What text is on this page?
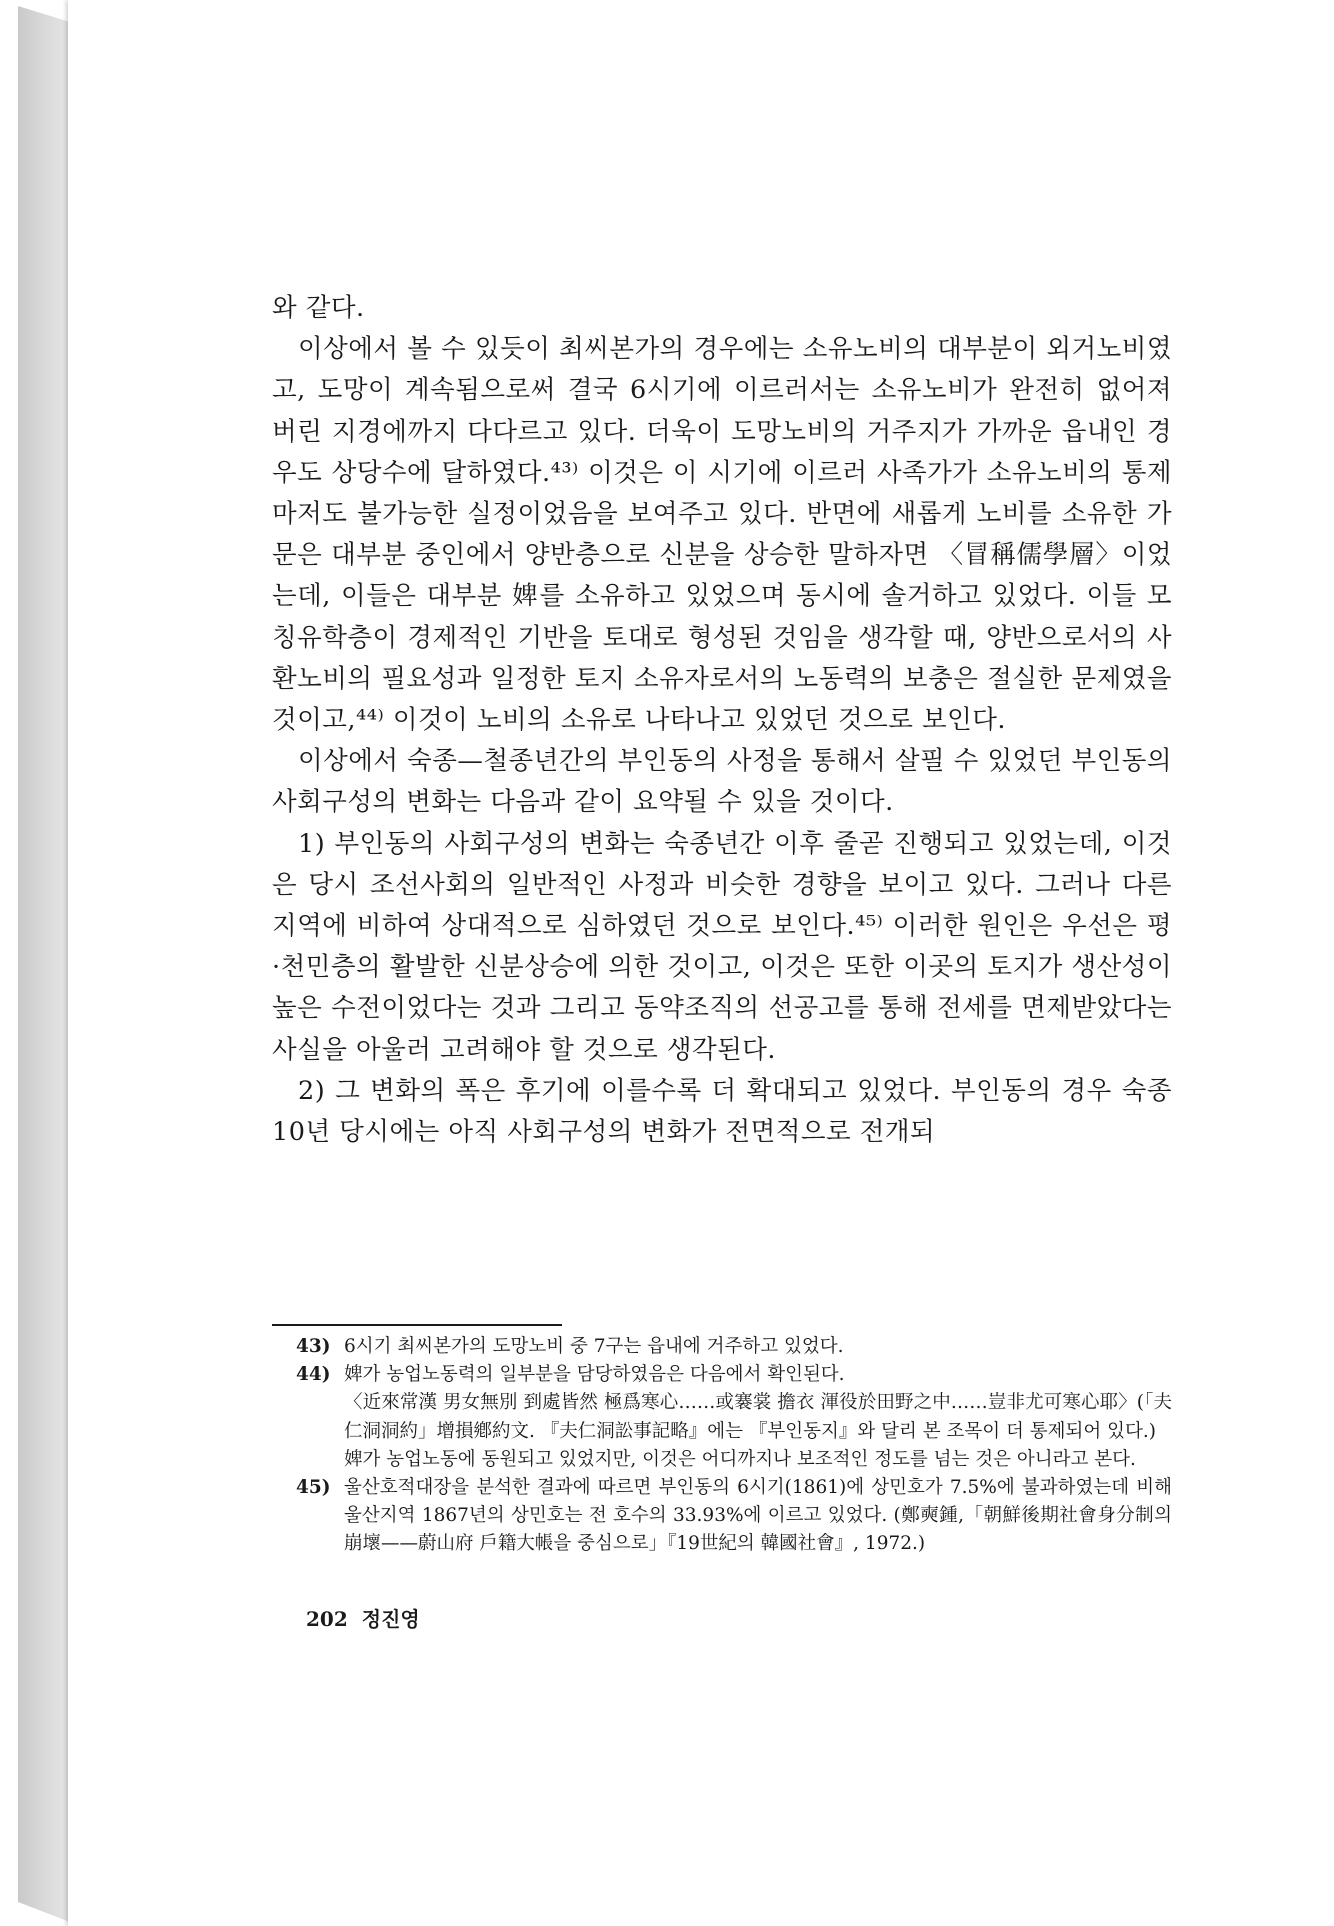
와 같다.

이상에서 볼 수 있듯이 최씨본가의 경우에는 소유노비의 대부분이 외거노비였고, 도망이 계속됨으로써 결국 6시기에 이르러서는 소유노비가 완전히 없어져 버린 지경에까지 다다르고 있다. 더욱이 도망노비의 거주지가 가까운 읍내인 경우도 상당수에 달하였다.⁴³⁾ 이것은 이 시기에 이르러 사족가가 소유노비의 통제마저도 불가능한 실정이었음을 보여주고 있다. 반면에 새롭게 노비를 소유한 가문은 대부분 중인에서 양반층으로 신분을 상승한 말하자면 〈冒稱儒學層〉이었는데, 이들은 대부분 婢를 소유하고 있었으며 동시에 솔거하고 있었다. 이들 모칭유학층이 경제적인 기반을 토대로 형성된 것임을 생각할 때, 양반으로서의 사환노비의 필요성과 일정한 토지 소유자로서의 노동력의 보충은 절실한 문제였을 것이고,⁴⁴⁾ 이것이 노비의 소유로 나타나고 있었던 것으로 보인다.

이상에서 숙종—철종년간의 부인동의 사정을 통해서 살필 수 있었던 부인동의 사회구성의 변화는 다음과 같이 요약될 수 있을 것이다.

1) 부인동의 사회구성의 변화는 숙종년간 이후 줄곧 진행되고 있었는데, 이것은 당시 조선사회의 일반적인 사정과 비슷한 경향을 보이고 있다. 그러나 다른 지역에 비하여 상대적으로 심하였던 것으로 보인다.⁴⁵⁾ 이러한 원인은 우선은 평·천민층의 활발한 신분상승에 의한 것이고, 이것은 또한 이곳의 토지가 생산성이 높은 수전이었다는 것과 그리고 동약조직의 선공고를 통해 전세를 면제받았다는 사실을 아울러 고려해야 할 것으로 생각된다.

2) 그 변화의 폭은 후기에 이를수록 더 확대되고 있었다. 부인동의 경우 숙종 10년 당시에는 아직 사회구성의 변화가 전면적으로 전개되

43) 6시기 최씨본가의 도망노비 중 7구는 읍내에 거주하고 있었다.

44) 婢가 농업노동력의 일부분을 담당하였음은 다음에서 확인된다.

〈近來常漢 男女無別 到處皆然 極爲寒心……或褰裳 擔衣 渾役於田野之中……豈非尤可寒心耶〉(「夫仁洞洞約」增損鄕約文. 『夫仁洞訟事記略』에는 『부인동지』와 달리 본 조목이 더 통제되어 있다.)

婢가 농업노동에 동원되고 있었지만, 이것은 어디까지나 보조적인 정도를 넘는 것은 아니라고 본다.

45) 울산호적대장을 분석한 결과에 따르면 부인동의 6시기(1861)에 상민호가 7.5%에 불과하였는데 비해 울산지역 1867년의 상민호는 전 호수의 33.93%에 이르고 있었다. (鄭奭鍾,「朝鮮後期社會身分制의 崩壞——蔚山府 戶籍大帳을 중심으로」『19世紀의 韓國社會』, 1972.)

202 정진영
